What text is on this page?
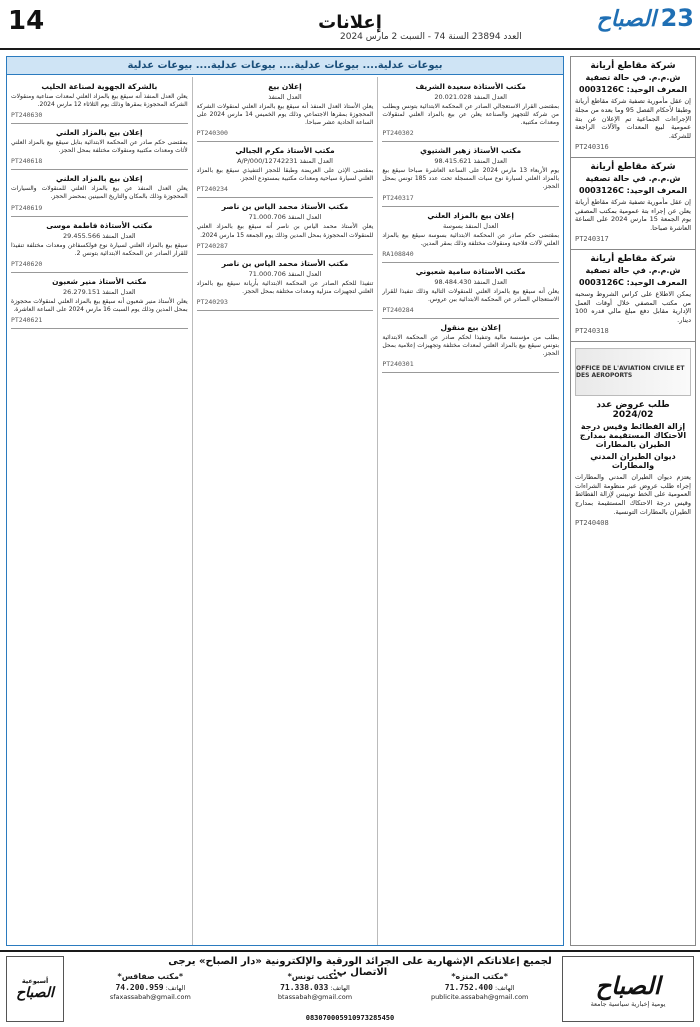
14	إعلانات
العدد 23894 السنة 74 - السبت 2 مارس 2024
23
الصباح
شركة مقاطع أريانة
ش.م.م. في حالة تصفية
المعرف الوحيد: 0003126C

إن عقل مأمورية تصفية شركة مقاطع أريانة وطبقا لأحكام الفصل 95 وما بعده من مجلة الإجراءات الجماعية تم الإعلان عن بتة عمومية لبيع المعدات والآلات الراجعة للشركة.

PT240316
شركة مقاطع أريانة
ش.م.م. في حالة تصفية
المعرف الوحيد: 0003126C

إن عقل مأمورية تصفية شركة مقاطع أريانة يعلن عن إجراء بتة عمومية بمكتب المصفي يوم الجمعة 15 مارس 2024 على الساعة العاشرة صباحا.

PT240317
شركة مقاطع أريانة
ش.م.م. في حالة تصفية
المعرف الوحيد: 0003126C

يمكن الاطلاع على كراس الشروط وسحبه من مكتب المصفي خلال أوقات العمل الإدارية مقابل دفع مبلغ مالي قدره 100 دينار.

PT240318
OFFICE DE L'AVIATION CIVILE ET DES AEROPORTS
طلب عروض عدد 2024/02
إزالة الفطائط وقيس درجة الاحتكاك المستقيمة بمدارج الطيران بالمطارات
ديوان الطيران المدني والمطارات

يعتزم ديوان الطيران المدني والمطارات إجراء طلب عروض عبر منظومة الشراءات العمومية على الخط تونيبس لإزالة الفطائط وقيس درجة الاحتكاك المستقيمة بمدارج الطيران بالمطارات التونسية.

PT240408
بيوعات عدلية.... بيوعات عدلية.... بيوعات عدلية.... بيوعات عدلية
مكتب الأستاذة سعيدة الشريف
العدل المنفذ 20.021.028

بمقتضى القرار الاستعجالي الصادر عن المحكمة الابتدائية بتونس وبطلب من شركة للتجهيز والصناعة يعلن عن بيع بالمزاد العلني لمنقولات ومعدات مكتبية.

PT240302
مكتب الأستاذ زهير الشتيوي
العدل المنفذ 98.415.621

يوم الأربعاء 13 مارس 2024 على الساعة العاشرة صباحا سيقع بيع بالمزاد العلني لسيارة نوع سيات المسجلة تحت عدد 185 تونس بمحل الحجز.

PT240317
إعلان بيع بالمزاد العلني
العدل المنفذ بسوسة

بمقتضى حكم صادر عن المحكمة الابتدائية بسوسة سيقع بيع بالمزاد العلني لآلات فلاحية ومنقولات مختلفة وذلك بمقر المدين.

RA108840
مكتب الأستاذة سامية شعبوني
العدل المنفذ 98.484.430

يعلن أنه سيقع بيع بالمزاد العلني للمنقولات التالية وذلك تنفيذا للقرار الاستعجالي الصادر عن المحكمة الابتدائية ببن عروس.

PT240284
إعلان بيع منقول

بطلب من مؤسسة مالية وتنفيذا لحكم صادر عن المحكمة الابتدائية بتونس سيقع بيع بالمزاد العلني لمعدات مختلفة وتجهيزات إعلامية بمحل الحجز.

PT240301
إعلان بيع
العدل المنفذ

يعلن الأستاذ العدل المنفذ أنه سيقع بيع بالمزاد العلني لمنقولات الشركة المحجوزة بمقرها الاجتماعي وذلك يوم الخميس 14 مارس 2024 على الساعة الحادية عشر صباحا.

PT240300
مكتب الأستاذ مكرم الجبالي
العدل المنفذ 12742231/A/P/000

بمقتضى الإذن على العريضة وطبقا للحجز التنفيذي سيقع بيع بالمزاد العلني لسيارة سياحية ومعدات مكتبية بمستودع الحجز.

PT240234
مكتب الأستاذ محمد الياس بن ناصر
العدل المنفذ 71.000.706

يعلن الأستاذ محمد الياس بن ناصر أنه سيقع بيع بالمزاد العلني للمنقولات المحجوزة بمحل المدين وذلك يوم الجمعة 15 مارس 2024.

PT240287
مكتب الأستاذ محمد الياس بن ناصر
العدل المنفذ 71.000.706

تنفيذا للحكم الصادر عن المحكمة الابتدائية بأريانة سيقع بيع بالمزاد العلني لتجهيزات منزلية ومعدات مختلفة بمحل الحجز.

PT240293
بالشركة الجهوية لصناعة الحليب

يعلن العدل المنفذ أنه سيقع بيع بالمزاد العلني لمعدات صناعية ومنقولات الشركة المحجوزة بمقرها وذلك يوم الثلاثاء 12 مارس 2024.

PT240630
إعلان بيع بالمزاد العلني

بمقتضى حكم صادر عن المحكمة الابتدائية بنابل سيقع بيع بالمزاد العلني لأثاث ومعدات مكتبية ومنقولات مختلفة بمحل الحجز.

PT240618
إعلان بيع بالمزاد العلني

يعلن العدل المنفذ عن بيع بالمزاد العلني للمنقولات والسيارات المحجوزة وذلك بالمكان والتاريخ المبينين بمحضر الحجز.

PT240619
مكتب الأستاذة فاطمة موسى
العدل المنفذ 29.455.566

سيقع بيع بالمزاد العلني لسيارة نوع فولكسفاغن ومعدات مختلفة تنفيذا للقرار الصادر عن المحكمة الابتدائية بتونس 2.

PT240620
مكتب الأستاذ منير شعبون
العدل المنفذ 26.279.151

يعلن الأستاذ منير شعبون أنه سيقع بيع بالمزاد العلني لمنقولات محجوزة بمحل المدين وذلك يوم السبت 16 مارس 2024 على الساعة العاشرة.

PT240621
الصباح
يومية إخبارية سياسية جامعة
لجميع إعلاناتكم الإشهارية على الجرائد الورقية والإلكترونية «دار الصباح» يرجى الاتصال ب:	*مكتب المنزه*
الهاتف: 71.752.400
publicite.assabah@gmail.com
*مكتب تونس*
الهاتف: 71.338.033
btassabah@gmail.com
*مكتب صفاقس*
الهاتف: 74.200.959
sfaxassabah@gmail.com
083070005910973285450
أسبوعية
الصباح
